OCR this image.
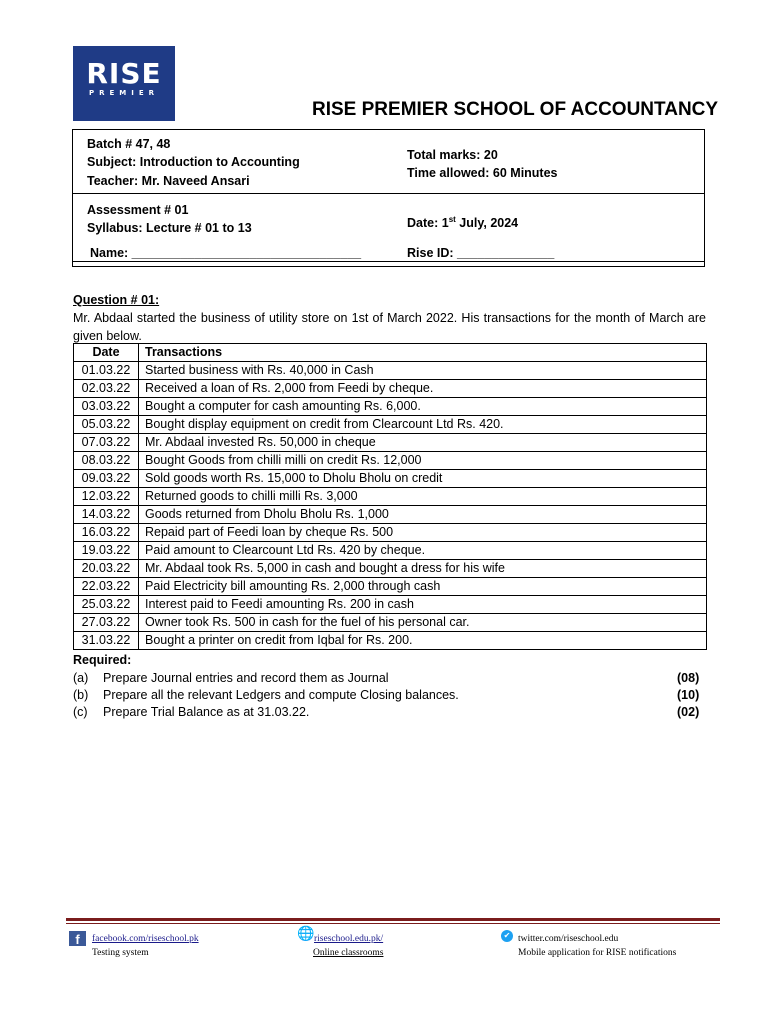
RISE
PREMIER
RISE PREMIER SCHOOL OF ACCOUNTANCY
Batch # 47, 48
Subject: Introduction to Accounting
Teacher: Mr. Naveed Ansari
Total marks: 20
Time allowed: 60 Minutes
Assessment # 01
Syllabus: Lecture # 01 to 13	Date: 1st July, 2024
Name: _________________________________	Rise ID: ______________
Question # 01:
Mr. Abdaal started the business of utility store on 1st of March 2022. His transactions for the month of March are given below.
Date	Transactions
01.03.22	Started business with Rs. 40,000 in Cash
02.03.22	Received a loan of Rs. 2,000 from Feedi by cheque.
03.03.22	Bought a computer for cash amounting Rs. 6,000.
05.03.22	Bought display equipment on credit from Clearcount Ltd Rs. 420.
07.03.22	Mr. Abdaal invested Rs. 50,000 in cheque
08.03.22	Bought Goods from chilli milli on credit Rs. 12,000
09.03.22	Sold goods worth Rs. 15,000 to Dholu Bholu on credit
12.03.22	Returned goods to chilli milli Rs. 3,000
14.03.22	Goods returned from Dholu Bholu Rs. 1,000
16.03.22	Repaid part of Feedi loan by cheque Rs. 500
19.03.22	Paid amount to Clearcount Ltd Rs. 420 by cheque.
20.03.22	Mr. Abdaal took Rs. 5,000 in cash and bought a dress for his wife
22.03.22	Paid Electricity bill amounting Rs. 2,000 through cash
25.03.22	Interest paid to Feedi amounting Rs. 200 in cash
27.03.22	Owner took Rs. 500 in cash for the fuel of his personal car.
31.03.22	Bought a printer on credit from Iqbal for Rs. 200.
Required:
(a) Prepare Journal entries and record them as Journal	(08)
(b) Prepare all the relevant Ledgers and compute Closing balances.	(10)
(c) Prepare Trial Balance as at 31.03.22.	(02)
f	facebook.com/riseschool.pk
Testing system
🌐 riseschool.edu.pk/
Online classrooms
✔ twitter.com/riseschool.edu
Mobile application for RISE notifications
